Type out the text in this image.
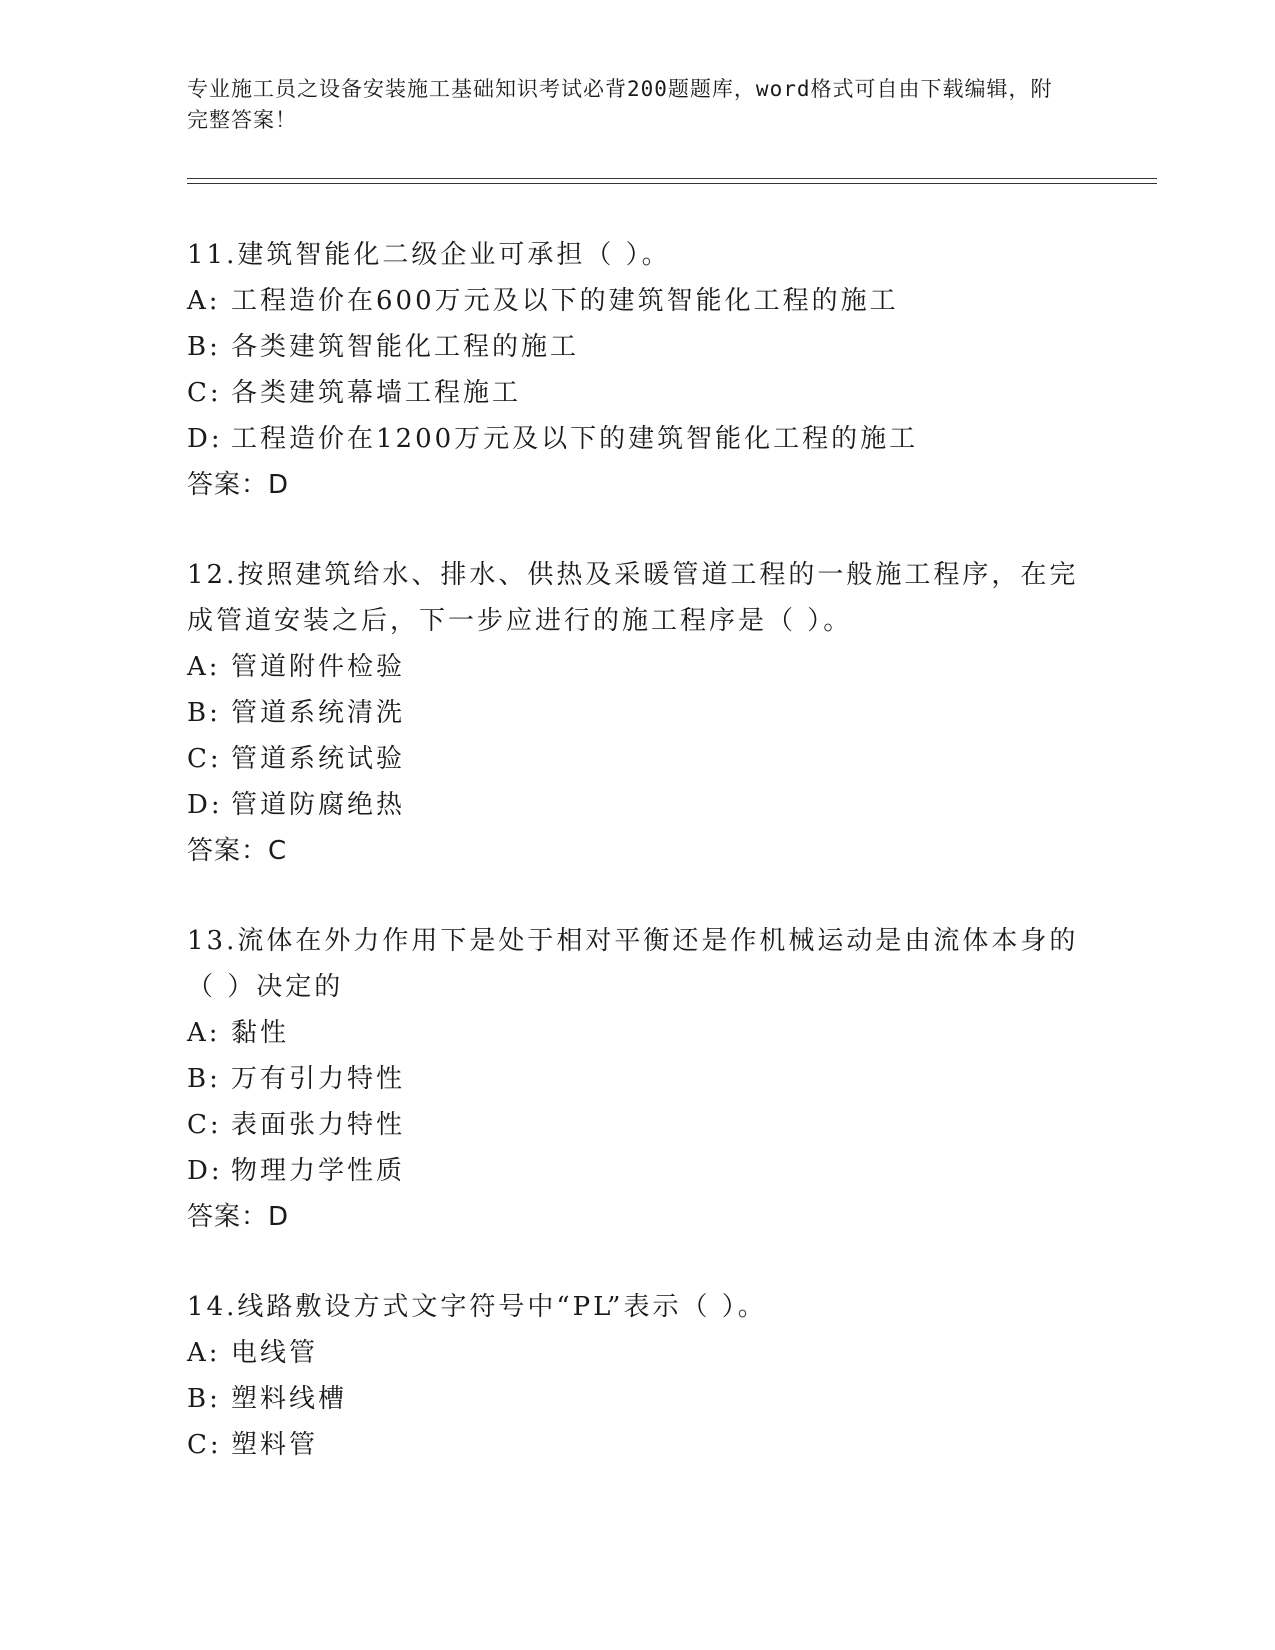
专业施工员之设备安装施工基础知识考试必背200题题库，word格式可自由下载编辑，附完整答案！

11.建筑智能化二级企业可承担（ ）。

A: 工程造价在600万元及以下的建筑智能化工程的施工

B: 各类建筑智能化工程的施工

C: 各类建筑幕墙工程施工

D: 工程造价在1200万元及以下的建筑智能化工程的施工

答案：D

12.按照建筑给水、排水、供热及采暖管道工程的一般施工程序，在完成管道安装之后，下一步应进行的施工程序是（ ）。

A: 管道附件检验

B: 管道系统清洗

C: 管道系统试验

D: 管道防腐绝热

答案：C

13.流体在外力作用下是处于相对平衡还是作机械运动是由流体本身的（ ）决定的

A: 黏性

B: 万有引力特性

C: 表面张力特性

D: 物理力学性质

答案：D

14.线路敷设方式文字符号中“PL”表示（ ）。

A: 电线管

B: 塑料线槽

C: 塑料管
